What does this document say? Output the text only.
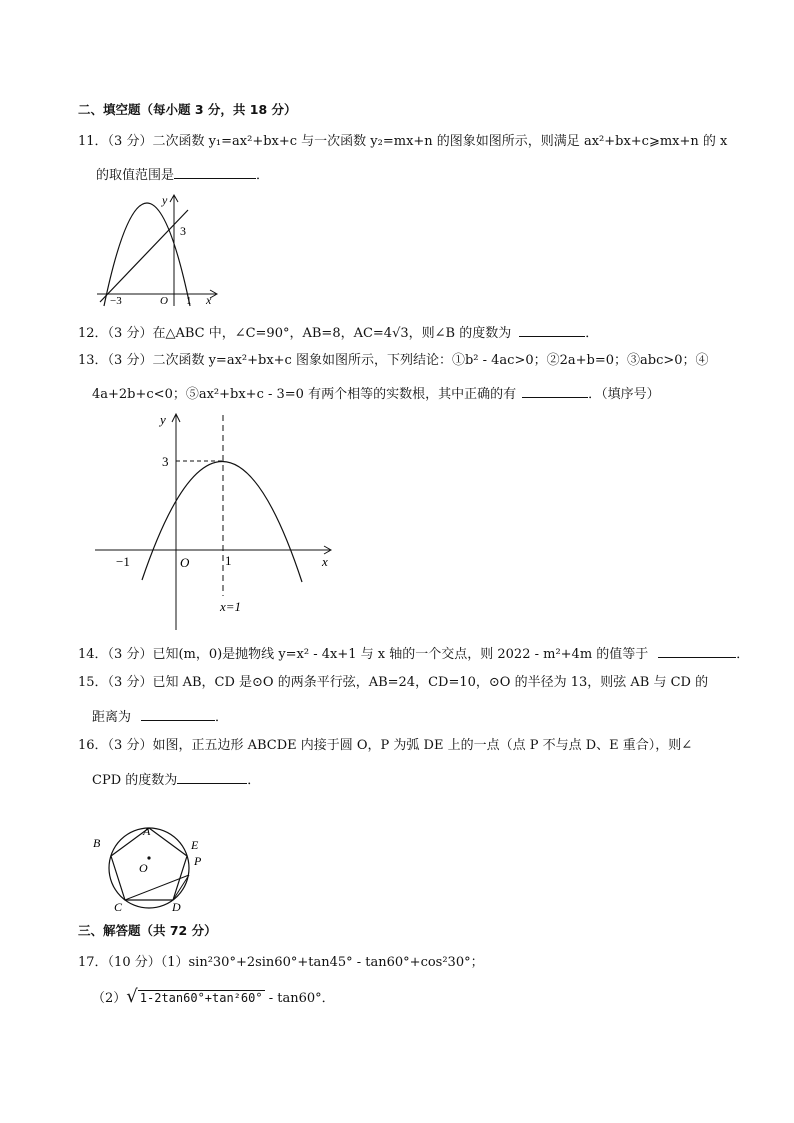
二、填空题（每小题 3 分，共 18 分）
11．（3 分）二次函数 y₁=ax²+bx+c 与一次函数 y₂=mx+n 的图象如图所示，则满足 ax²+bx+c⩾mx+n 的 x
的取值范围是	．
y
3
−3	O 1 x
12．（3 分）在△ABC 中，∠C=90°，AB=8，AC=4√3，则∠B 的度数为	．
13．（3 分）二次函数 y=ax²+bx+c 图象如图所示，下列结论：①b² - 4ac>0；②2a+b=0；③abc>0；④
4a+2b+c<0；⑤ax²+bx+c - 3=0 有两个相等的实数根，其中正确的有	．（填序号）
y
3
−1	O	1	x
x=1
14．（3 分）已知(m，0)是抛物线 y=x² - 4x+1 与 x 轴的一个交点，则 2022 - m²+4m 的值等于	．
15．（3 分）已知 AB，CD 是⊙O 的两条平行弦，AB=24，CD=10，⊙O 的半径为 13，则弦 AB 与 CD 的
距离为	．
16．（3 分）如图，正五边形 ABCDE 内接于圆 O，P 为弧 DE 上的一点（点 P 不与点 D、E 重合），则∠
CPD 的度数为	．
A
B	E
P
O
C	D
三、解答题（共 72 分）
17．（10 分）（1）sin²30°+2sin60°+tan45° - tan60°+cos²30°；
（2）√ 1-2tan60°+tan²60° - tan60°．
